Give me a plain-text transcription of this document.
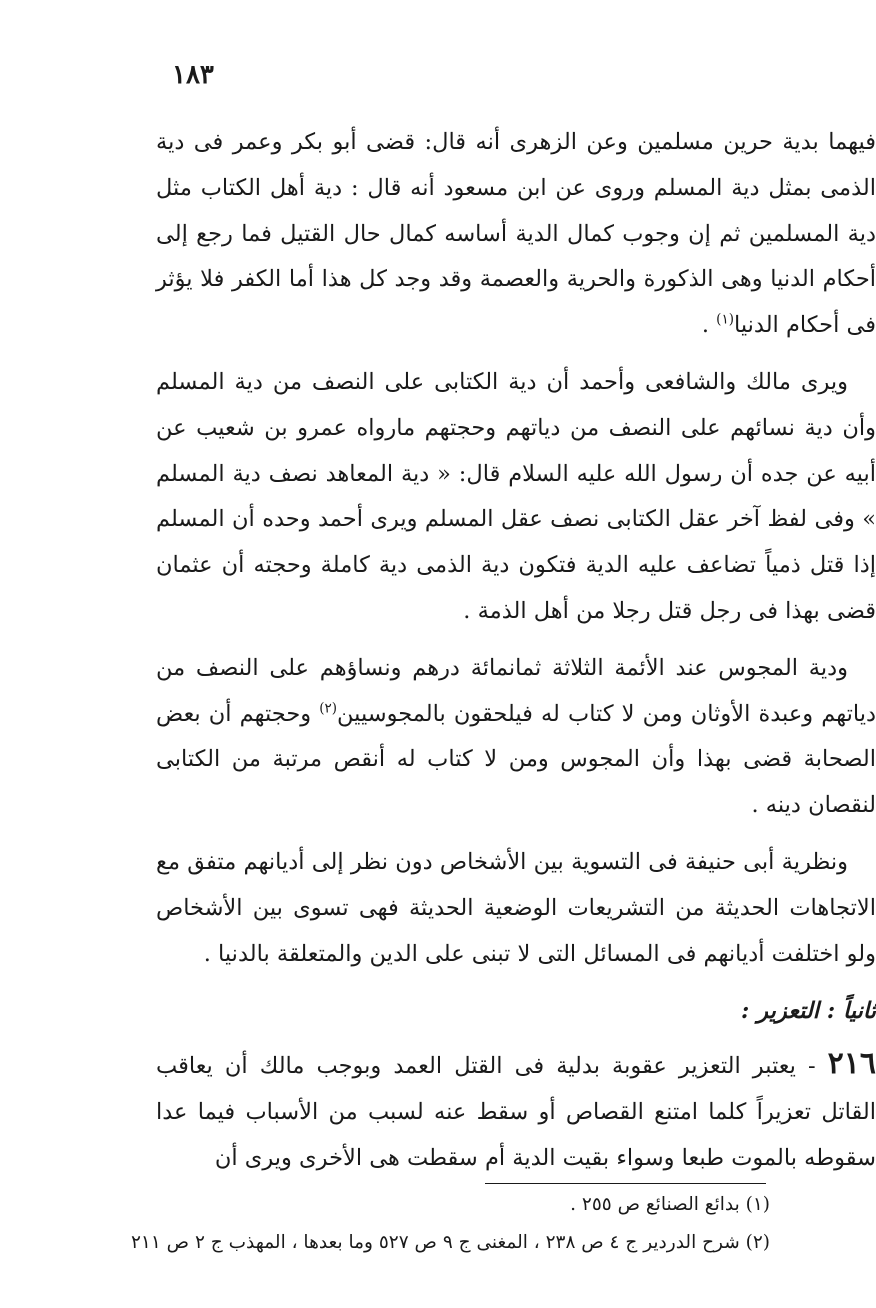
١٨٣

فيهما بدية حرين مسلمين وعن الزهرى أنه قال: قضى أبو بكر وعمر فى دية الذمى بمثل دية المسلم وروى عن ابن مسعود أنه قال : دية أهل الكتاب مثل دية المسلمين ثم إن وجوب كمال الدية أساسه كمال حال القتيل فما رجع إلى أحكام الدنيا وهى الذكورة والحرية والعصمة وقد وجد كل هذا أما الكفر فلا يؤثر فى أحكام الدنيا$^{(١)}$ .

ويرى مالك والشافعى وأحمد أن دية الكتابى على النصف من دية المسلم وأن دية نسائهم على النصف من دياتهم وحجتهم مارواه عمرو بن شعيب عن أبيه عن جده أن رسول الله عليه السلام قال: « دية المعاهد نصف دية المسلم » وفى لفظ آخر عقل الكتابى نصف عقل المسلم ويرى أحمد وحده أن المسلم إذا قتل ذمياً تضاعف عليه الدية فتكون دية الذمى دية كاملة وحجته أن عثمان قضى بهذا فى رجل قتل رجلا من أهل الذمة .

ودية المجوس عند الأئمة الثلاثة ثمانمائة درهم ونساؤهم على النصف من دياتهم وعبدة الأوثان ومن لا كتاب له فيلحقون بالمجوسيين$^{(٢)}$ وحجتهم أن بعض الصحابة قضى بهذا وأن المجوس ومن لا كتاب له أنقص مرتبة من الكتابى لنقصان دينه .

ونظرية أبى حنيفة فى التسوية بين الأشخاص دون نظر إلى أديانهم متفق مع الاتجاهات الحديثة من التشريعات الوضعية الحديثة فهى تسوى بين الأشخاص ولو اختلفت أديانهم فى المسائل التى لا تبنى على الدين والمتعلقة بالدنيا .

ثانياً : التعزير :

٢١٦ - يعتبر التعزير عقوبة بدلية فى القتل العمد وبوجب مالك أن يعاقب القاتل تعزيراً كلما امتنع القصاص أو سقط عنه لسبب من الأسباب فيما عدا سقوطه بالموت طبعا وسواء بقيت الدية أم سقطت هى الأخرى ويرى أن

(١) بدائع الصنائع ص ٢٥٥ .

(٢) شرح الدردير ج ٤ ص ٢٣٨ ، المغنى ج ٩ ص ٥٢٧ وما بعدها ، المهذب ج ٢ ص ٢١١
